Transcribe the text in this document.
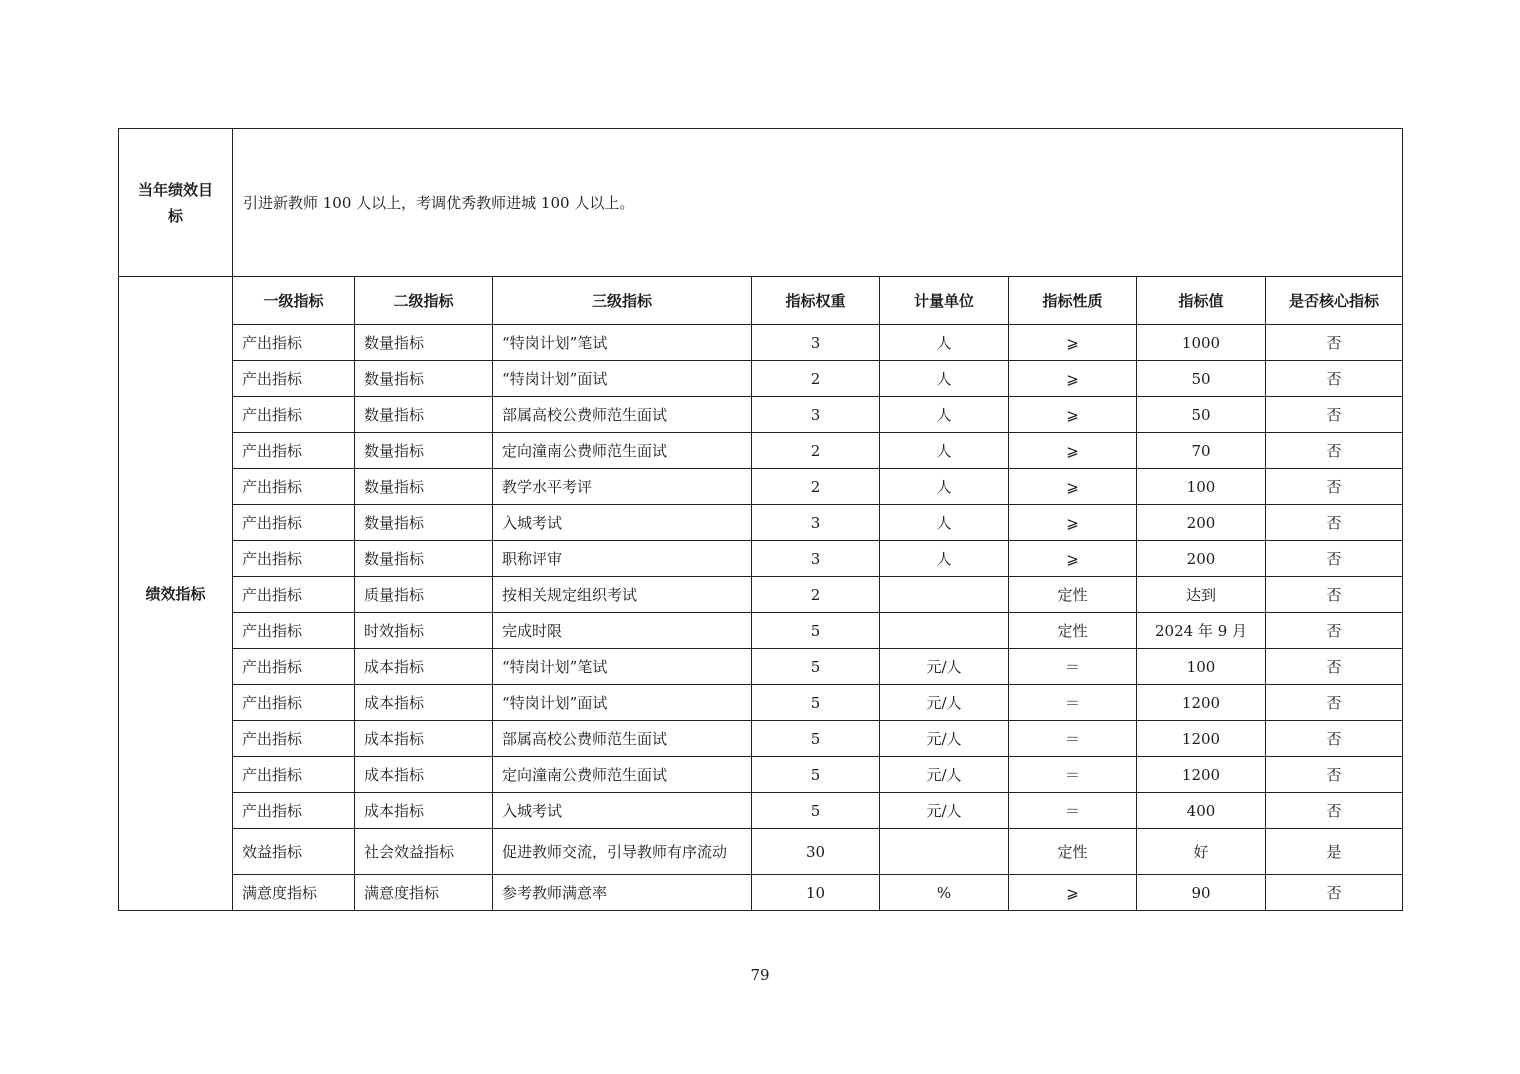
当年绩效目标	引进新教师 100 人以上，考调优秀教师进城 100 人以上。							
绩效指标	一级指标	二级指标	三级指标	指标权重	计量单位	指标性质	指标值	是否核心指标
	产出指标	数量指标	“特岗计划”笔试	3	人	⩾	1000	否
	产出指标	数量指标	“特岗计划”面试	2	人	⩾	50	否
	产出指标	数量指标	部属高校公费师范生面试	3	人	⩾	50	否
	产出指标	数量指标	定向潼南公费师范生面试	2	人	⩾	70	否
	产出指标	数量指标	教学水平考评	2	人	⩾	100	否
	产出指标	数量指标	入城考试	3	人	⩾	200	否
	产出指标	数量指标	职称评审	3	人	⩾	200	否
	产出指标	质量指标	按相关规定组织考试	2		定性	达到	否
	产出指标	时效指标	完成时限	5		定性	2024 年 9 月	否
	产出指标	成本指标	“特岗计划”笔试	5	元/人	＝	100	否
	产出指标	成本指标	“特岗计划”面试	5	元/人	＝	1200	否
	产出指标	成本指标	部属高校公费师范生面试	5	元/人	＝	1200	否
	产出指标	成本指标	定向潼南公费师范生面试	5	元/人	＝	1200	否
	产出指标	成本指标	入城考试	5	元/人	＝	400	否
	效益指标	社会效益指标	促进教师交流，引导教师有序流动	30		定性	好	是
	满意度指标	满意度指标	参考教师满意率	10	%	⩾	90	否
79
